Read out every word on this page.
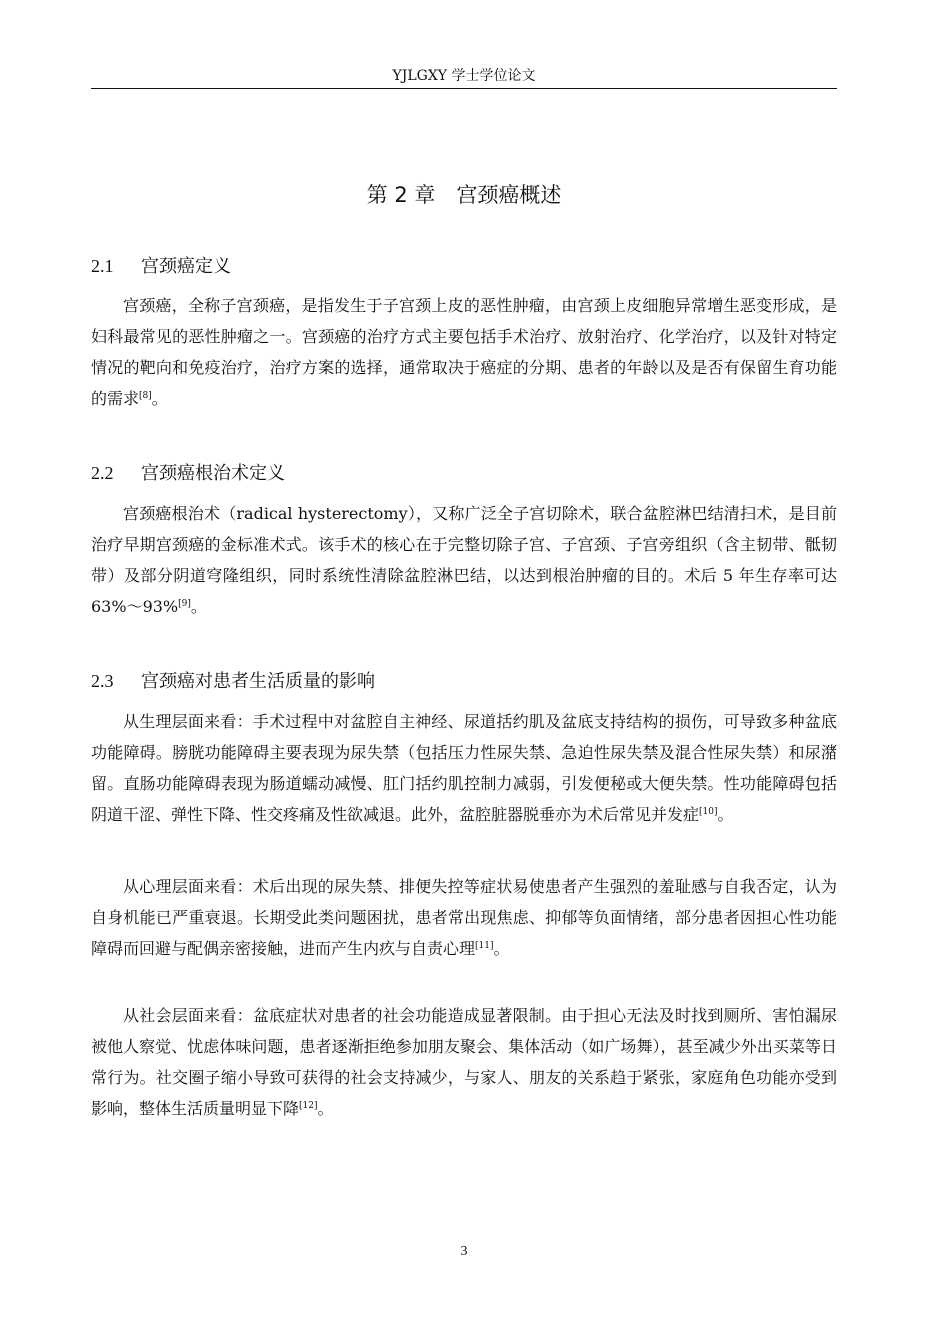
YJLGXY 学士学位论文
第 2 章　宫颈癌概述
2.1 宫颈癌定义
宫颈癌，全称子宫颈癌，是指发生于子宫颈上皮的恶性肿瘤，由宫颈上皮细胞异常增生恶变形成，是妇科最常见的恶性肿瘤之一。宫颈癌的治疗方式主要包括手术治疗、放射治疗、化学治疗，以及针对特定情况的靶向和免疫治疗，治疗方案的选择，通常取决于癌症的分期、患者的年龄以及是否有保留生育功能的需求[8]。
2.2 宫颈癌根治术定义
宫颈癌根治术（radical hysterectomy），又称广泛全子宫切除术，联合盆腔淋巴结清扫术，是目前治疗早期宫颈癌的金标准术式。该手术的核心在于完整切除子宫、子宫颈、子宫旁组织（含主韧带、骶韧带）及部分阴道穹隆组织，同时系统性清除盆腔淋巴结，以达到根治肿瘤的目的。术后 5 年生存率可达 63%～93%[9]。
2.3 宫颈癌对患者生活质量的影响
从生理层面来看：手术过程中对盆腔自主神经、尿道括约肌及盆底支持结构的损伤，可导致多种盆底功能障碍。膀胱功能障碍主要表现为尿失禁（包括压力性尿失禁、急迫性尿失禁及混合性尿失禁）和尿潴留。直肠功能障碍表现为肠道蠕动减慢、肛门括约肌控制力减弱，引发便秘或大便失禁。性功能障碍包括阴道干涩、弹性下降、性交疼痛及性欲减退。此外，盆腔脏器脱垂亦为术后常见并发症[10]。
从心理层面来看：术后出现的尿失禁、排便失控等症状易使患者产生强烈的羞耻感与自我否定，认为自身机能已严重衰退。长期受此类问题困扰，患者常出现焦虑、抑郁等负面情绪，部分患者因担心性功能障碍而回避与配偶亲密接触，进而产生内疚与自责心理[11]。
从社会层面来看：盆底症状对患者的社会功能造成显著限制。由于担心无法及时找到厕所、害怕漏尿被他人察觉、忧虑体味问题，患者逐渐拒绝参加朋友聚会、集体活动（如广场舞），甚至减少外出买菜等日常行为。社交圈子缩小导致可获得的社会支持减少，与家人、朋友的关系趋于紧张，家庭角色功能亦受到影响，整体生活质量明显下降[12]。
3
